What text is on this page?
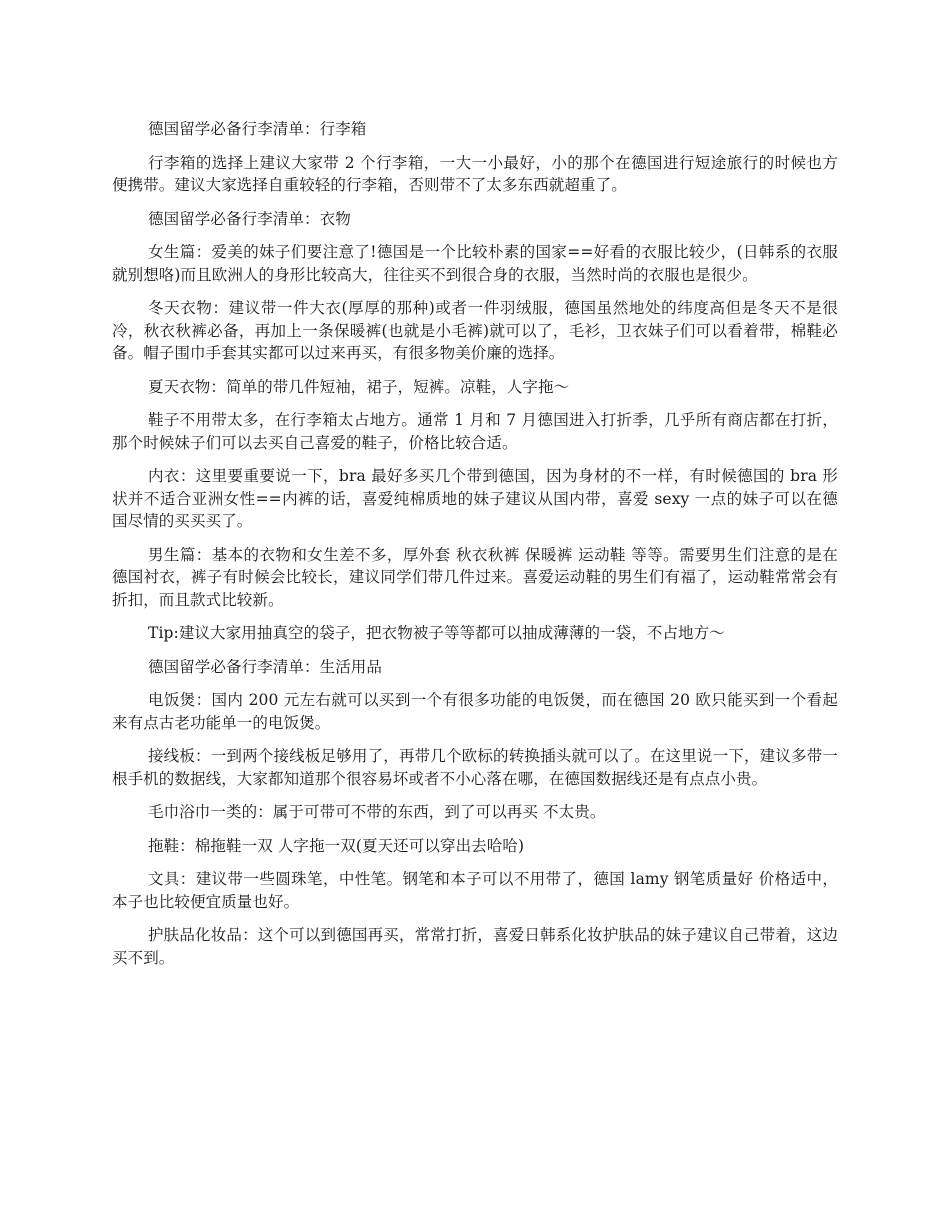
德国留学必备行李清单：行李箱

行李箱的选择上建议大家带 2 个行李箱，一大一小最好，小的那个在德国进行短途旅行的时候也方便携带。建议大家选择自重较轻的行李箱，否则带不了太多东西就超重了。

德国留学必备行李清单：衣物

女生篇：爱美的妹子们要注意了!德国是一个比较朴素的国家==好看的衣服比较少，(日韩系的衣服就别想咯)而且欧洲人的身形比较高大，往往买不到很合身的衣服，当然时尚的衣服也是很少。

冬天衣物：建议带一件大衣(厚厚的那种)或者一件羽绒服，德国虽然地处的纬度高但是冬天不是很冷，秋衣秋裤必备，再加上一条保暖裤(也就是小毛裤)就可以了，毛衫，卫衣妹子们可以看着带，棉鞋必备。帽子围巾手套其实都可以过来再买，有很多物美价廉的选择。

夏天衣物：简单的带几件短袖，裙子，短裤。凉鞋，人字拖～

鞋子不用带太多，在行李箱太占地方。通常 1 月和 7 月德国进入打折季，几乎所有商店都在打折，那个时候妹子们可以去买自己喜爱的鞋子，价格比较合适。

内衣：这里要重要说一下，bra 最好多买几个带到德国，因为身材的不一样，有时候德国的 bra 形状并不适合亚洲女性==内裤的话，喜爱纯棉质地的妹子建议从国内带，喜爱 sexy 一点的妹子可以在德国尽情的买买买了。

男生篇：基本的衣物和女生差不多，厚外套 秋衣秋裤 保暖裤 运动鞋 等等。需要男生们注意的是在德国衬衣，裤子有时候会比较长，建议同学们带几件过来。喜爱运动鞋的男生们有福了，运动鞋常常会有折扣，而且款式比较新。

Tip:建议大家用抽真空的袋子，把衣物被子等等都可以抽成薄薄的一袋，不占地方～

德国留学必备行李清单：生活用品

电饭煲：国内 200 元左右就可以买到一个有很多功能的电饭煲，而在德国 20 欧只能买到一个看起来有点古老功能单一的电饭煲。

接线板：一到两个接线板足够用了，再带几个欧标的转换插头就可以了。在这里说一下，建议多带一根手机的数据线，大家都知道那个很容易坏或者不小心落在哪，在德国数据线还是有点点小贵。

毛巾浴巾一类的：属于可带可不带的东西，到了可以再买 不太贵。

拖鞋：棉拖鞋一双 人字拖一双(夏天还可以穿出去哈哈)

文具：建议带一些圆珠笔，中性笔。钢笔和本子可以不用带了，德国 lamy 钢笔质量好 价格适中，本子也比较便宜质量也好。

护肤品化妆品：这个可以到德国再买，常常打折，喜爱日韩系化妆护肤品的妹子建议自己带着，这边买不到。
